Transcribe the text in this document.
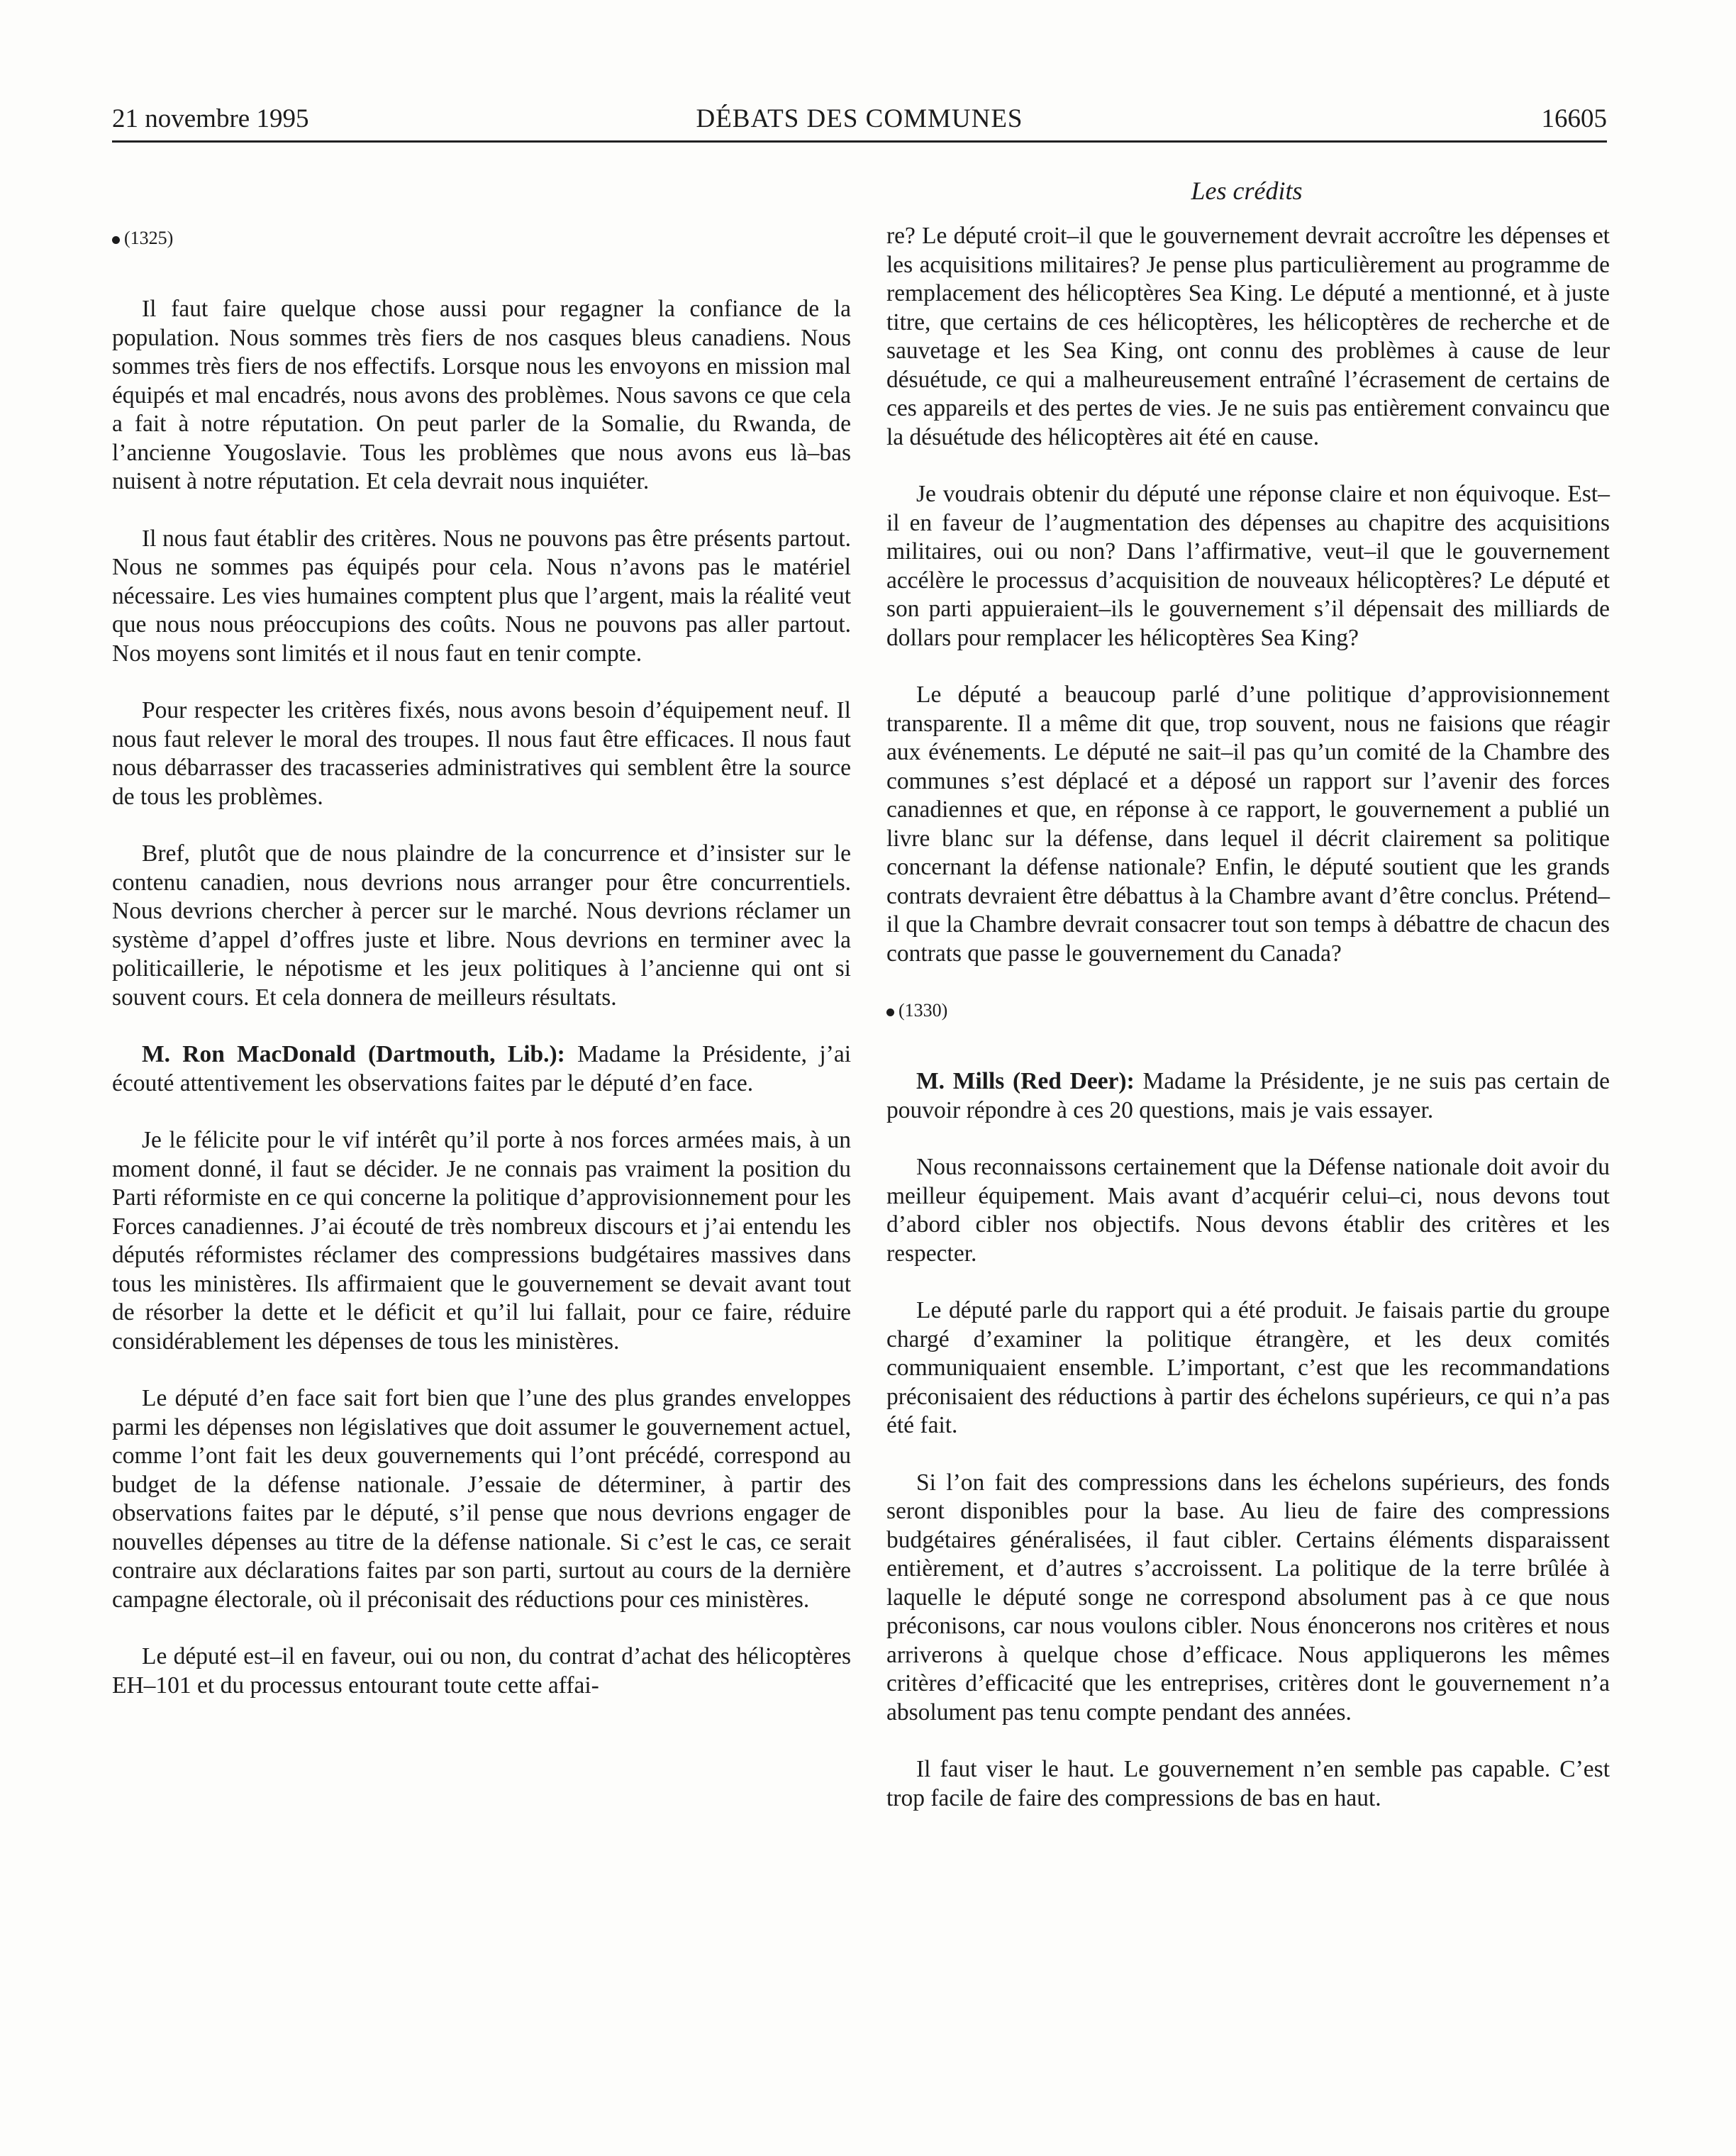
21 novembre 1995	DÉBATS DES COMMUNES	16605
Les crédits
(1325)

Il faut faire quelque chose aussi pour regagner la confiance de la population. Nous sommes très fiers de nos casques bleus canadiens. Nous sommes très fiers de nos effectifs. Lorsque nous les envoyons en mission mal équipés et mal encadrés, nous avons des problèmes. Nous savons ce que cela a fait à notre réputation. On peut parler de la Somalie, du Rwanda, de l’ancienne Yougoslavie. Tous les problèmes que nous avons eus là–bas nuisent à notre réputation. Et cela devrait nous inquiéter.

Il nous faut établir des critères. Nous ne pouvons pas être présents partout. Nous ne sommes pas équipés pour cela. Nous n’avons pas le matériel nécessaire. Les vies humaines comptent plus que l’argent, mais la réalité veut que nous nous préoccupions des coûts. Nous ne pouvons pas aller partout. Nos moyens sont limités et il nous faut en tenir compte.

Pour respecter les critères fixés, nous avons besoin d’équipement neuf. Il nous faut relever le moral des troupes. Il nous faut être efficaces. Il nous faut nous débarrasser des tracasseries administratives qui semblent être la source de tous les problèmes.

Bref, plutôt que de nous plaindre de la concurrence et d’insister sur le contenu canadien, nous devrions nous arranger pour être concurrentiels. Nous devrions chercher à percer sur le marché. Nous devrions réclamer un système d’appel d’offres juste et libre. Nous devrions en terminer avec la politicaillerie, le népotisme et les jeux politiques à l’ancienne qui ont si souvent cours. Et cela donnera de meilleurs résultats.

M. Ron MacDonald (Dartmouth, Lib.): Madame la Présidente, j’ai écouté attentivement les observations faites par le député d’en face.

Je le félicite pour le vif intérêt qu’il porte à nos forces armées mais, à un moment donné, il faut se décider. Je ne connais pas vraiment la position du Parti réformiste en ce qui concerne la politique d’approvisionnement pour les Forces canadiennes. J’ai écouté de très nombreux discours et j’ai entendu les députés réformistes réclamer des compressions budgétaires massives dans tous les ministères. Ils affirmaient que le gouvernement se devait avant tout de résorber la dette et le déficit et qu’il lui fallait, pour ce faire, réduire considérablement les dépenses de tous les ministères.

Le député d’en face sait fort bien que l’une des plus grandes enveloppes parmi les dépenses non législatives que doit assumer le gouvernement actuel, comme l’ont fait les deux gouvernements qui l’ont précédé, correspond au budget de la défense nationale. J’essaie de déterminer, à partir des observations faites par le député, s’il pense que nous devrions engager de nouvelles dépenses au titre de la défense nationale. Si c’est le cas, ce serait contraire aux déclarations faites par son parti, surtout au cours de la dernière campagne électorale, où il préconisait des réductions pour ces ministères.

Le député est–il en faveur, oui ou non, du contrat d’achat des hélicoptères EH–101 et du processus entourant toute cette affai-

re? Le député croit–il que le gouvernement devrait accroître les dépenses et les acquisitions militaires? Je pense plus particulièrement au programme de remplacement des hélicoptères Sea King. Le député a mentionné, et à juste titre, que certains de ces hélicoptères, les hélicoptères de recherche et de sauvetage et les Sea King, ont connu des problèmes à cause de leur désuétude, ce qui a malheureusement entraîné l’écrasement de certains de ces appareils et des pertes de vies. Je ne suis pas entièrement convaincu que la désuétude des hélicoptères ait été en cause.

Je voudrais obtenir du député une réponse claire et non équivoque. Est–il en faveur de l’augmentation des dépenses au chapitre des acquisitions militaires, oui ou non? Dans l’affirmative, veut–il que le gouvernement accélère le processus d’acquisition de nouveaux hélicoptères? Le député et son parti appuieraient–ils le gouvernement s’il dépensait des milliards de dollars pour remplacer les hélicoptères Sea King?

Le député a beaucoup parlé d’une politique d’approvisionnement transparente. Il a même dit que, trop souvent, nous ne faisions que réagir aux événements. Le député ne sait–il pas qu’un comité de la Chambre des communes s’est déplacé et a déposé un rapport sur l’avenir des forces canadiennes et que, en réponse à ce rapport, le gouvernement a publié un livre blanc sur la défense, dans lequel il décrit clairement sa politique concernant la défense nationale? Enfin, le député soutient que les grands contrats devraient être débattus à la Chambre avant d’être conclus. Prétend–il que la Chambre devrait consacrer tout son temps à débattre de chacun des contrats que passe le gouvernement du Canada?

(1330)

M. Mills (Red Deer): Madame la Présidente, je ne suis pas certain de pouvoir répondre à ces 20 questions, mais je vais essayer.

Nous reconnaissons certainement que la Défense nationale doit avoir du meilleur équipement. Mais avant d’acquérir celui–ci, nous devons tout d’abord cibler nos objectifs. Nous devons établir des critères et les respecter.

Le député parle du rapport qui a été produit. Je faisais partie du groupe chargé d’examiner la politique étrangère, et les deux comités communiquaient ensemble. L’important, c’est que les recommandations préconisaient des réductions à partir des échelons supérieurs, ce qui n’a pas été fait.

Si l’on fait des compressions dans les échelons supérieurs, des fonds seront disponibles pour la base. Au lieu de faire des compressions budgétaires généralisées, il faut cibler. Certains éléments disparaissent entièrement, et d’autres s’accroissent. La politique de la terre brûlée à laquelle le député songe ne correspond absolument pas à ce que nous préconisons, car nous voulons cibler. Nous énoncerons nos critères et nous arriverons à quelque chose d’efficace. Nous appliquerons les mêmes critères d’efficacité que les entreprises, critères dont le gouvernement n’a absolument pas tenu compte pendant des années.

Il faut viser le haut. Le gouvernement n’en semble pas capable. C’est trop facile de faire des compressions de bas en haut.
